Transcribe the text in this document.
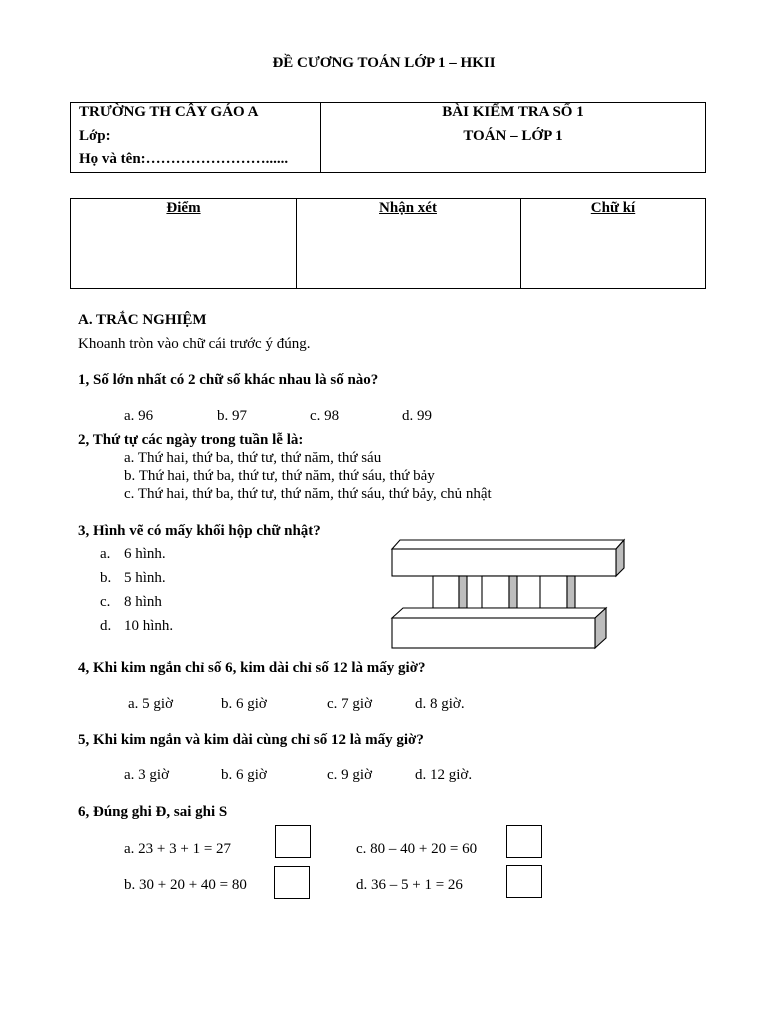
ĐỀ CƯƠNG TOÁN LỚP 1 – HKII
TRƯỜNG TH CÂY GÁO A
Lớp:
Họ và tên:……………………......
BÀI KIỂM TRA SỐ 1
TOÁN – LỚP 1
Điểm	Nhận xét	Chữ kí
A. TRẮC NGHIỆM
Khoanh tròn vào chữ cái trước ý đúng.
1, Số lớn nhất có 2 chữ số khác nhau là số nào?
a. 96	b. 97	c. 98	d. 99
2, Thứ tự các ngày trong tuần lễ là:
a. Thứ hai, thứ ba, thứ tư, thứ năm, thứ sáu
b. Thứ hai, thứ ba, thứ tư, thứ năm, thứ sáu, thứ bảy
c. Thứ hai, thứ ba, thứ tư, thứ năm, thứ sáu, thứ bảy, chủ nhật
3, Hình vẽ có mấy khối hộp chữ nhật?
a. 6 hình.
b. 5 hình.
c. 8 hình
d. 10 hình.
4, Khi kim ngắn chỉ số 6, kim dài chỉ số 12 là mấy giờ?
a. 5 giờ	b. 6 giờ	c. 7 giờ	d. 8 giờ.
5, Khi kim ngắn và kim dài cùng chỉ số 12 là mấy giờ?
a. 3 giờ	b. 6 giờ	c. 9 giờ	d. 12 giờ.
6, Đúng ghi Đ, sai ghi S
a. 23 + 3 + 1 = 27	c. 80 – 40 + 20 = 60
b. 30 + 20 + 40 = 80	d. 36 – 5 + 1 = 26
